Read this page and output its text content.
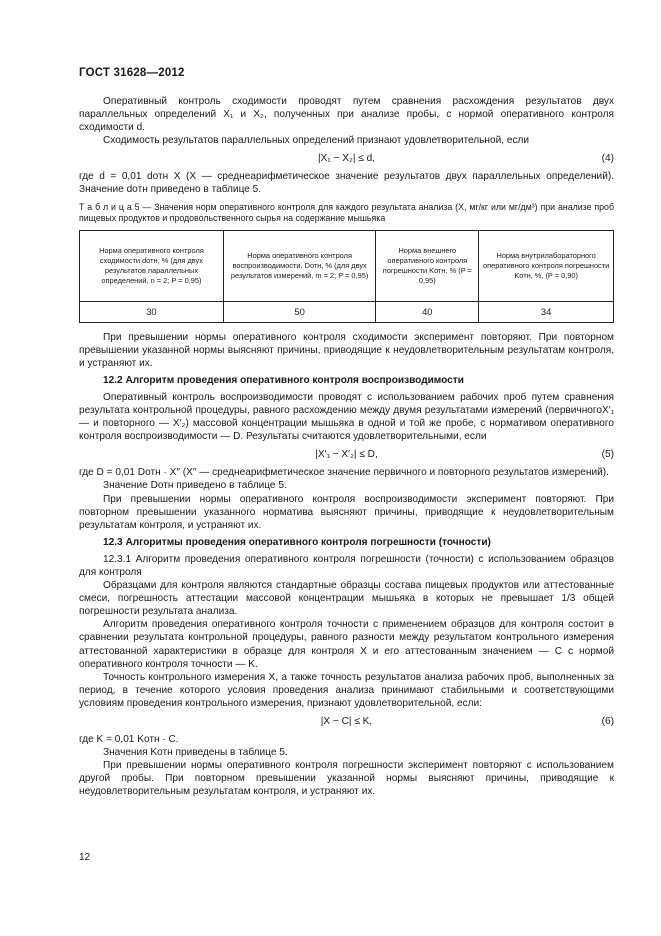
ГОСТ 31628—2012

Оперативный контроль сходимости проводят путем сравнения расхождения результатов двух параллельных определений X₁ и X₂, полученных при анализе пробы, с нормой оперативного контроля сходимости d.

Сходимость результатов параллельных определений признают удовлетворительной, если

|X₁ − X₂| ≤ d,	(4)

где d = 0,01 dотн X (X — среднеарифметическое значение результатов двух параллельных определений). Значение dотн приведено в таблице 5.

Т а б л и ц а 5 — Значения норм оперативного контроля для каждого результата анализа (X, мг/кг или мг/дм³) при анализе проб пищевых продуктов и продовольственного сырья на содержание мышьяка

Норма оперативного контроля сходимости dотн, % (для двух результатов параллельных определений, n = 2; P = 0,95)	Норма оперативного контроля воспроизводимости, Dотн, % (для двух результатов измерений, m = 2; P = 0,95)	Норма внешнего оперативного контроля погрешности Kотн, % (P = 0,95)	Норма внутрилабораторного оперативного контроля погрешности Kотн, %, (P = 0,90)
30	50	40	34

При превышении нормы оперативного контроля сходимости эксперимент повторяют. При повторном превышении указанной нормы выясняют причины, приводящие к неудовлетворительным результатам контроля, и устраняют их.

12.2 Алгоритм проведения оперативного контроля воспроизводимости

Оперативный контроль воспроизводимости проводят с использованием рабочих проб путем сравнения результата контрольной процедуры, равного расхождению между двумя результатами измерений (первичногоX′₁ — и повторного — X′₂) массовой концентрации мышьяка в одной и той же пробе, с нормативом оперативного контроля воспроизводимости — D. Результаты считаются удовлетворительными, если

|X′₁ − X′₂| ≤ D,	(5)

где D = 0,01 Dотн · X″ (X″ — среднеарифметическое значение первичного и повторного результатов измерений).

Значение Dотн приведено в таблице 5.

При превышении нормы оперативного контроля воспроизводимости эксперимент повторяют. При повторном превышении указанного норматива выясняют причины, приводящие к неудовлетворительным результатам контроля, и устраняют их.

12.3 Алгоритмы проведения оперативного контроля погрешности (точности)

12.3.1 Алгоритм проведения оперативного контроля погрешности (точности) с использованием образцов для контроля

Образцами для контроля являются стандартные образцы состава пищевых продуктов или аттестованные смеси, погрешность аттестации массовой концентрации мышьяка в которых не превышает 1/3 общей погрешности результата анализа.

Алгоритм проведения оперативного контроля точности с применением образцов для контроля состоит в сравнении результата контрольной процедуры, равного разности между результатом контрольного измерения аттестованной характеристики в образце для контроля X и его аттестованным значением — C с нормой оперативного контроля точности — K.

Точность контрольного измерения X, а также точность результатов анализа рабочих проб, выполненных за период, в течение которого условия проведения анализа принимают стабильными и соответствующими условиям проведения контрольного измерения, признают удовлетворительной, если:

|X − C| ≤ K,	(6)

где K = 0,01 Kотн · C.

Значения Kотн приведены в таблице 5.

При превышении нормы оперативного контроля погрешности эксперимент повторяют с использованием другой пробы. При повторном превышении указанной нормы выясняют причины, приводящие к неудовлетворительным результатам контроля, и устраняют их.

12
